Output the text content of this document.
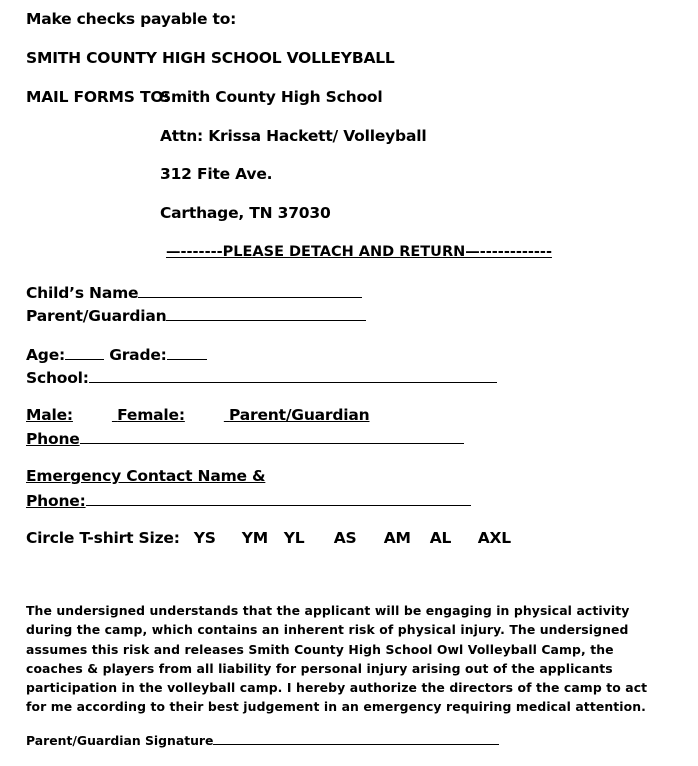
Make checks payable to:
SMITH COUNTY HIGH SCHOOL VOLLEYBALL
MAIL FORMS TO:
Smith County High School
Attn: Krissa Hackett/ Volleyball
312 Fite Ave.
Carthage, TN 37030
—-------PLEASE DETACH AND RETURN—------------
Child’s Name
Parent/Guardian
Age:	Grade:
School:
Male:	Female:	Parent/Guardian
Phone
Emergency Contact Name &
Phone:
Circle T-shirt Size: YS YM YL AS AM AL AXL
The undersigned understands that the applicant will be engaging in physical activity during the camp, which contains an inherent risk of physical injury. The undersigned assumes this risk and releases Smith County High School Owl Volleyball Camp, the coaches & players from all liability for personal injury arising out of the applicants participation in the volleyball camp. I hereby authorize the directors of the camp to act for me according to their best judgement in an emergency requiring medical attention.
Parent/Guardian Signature
